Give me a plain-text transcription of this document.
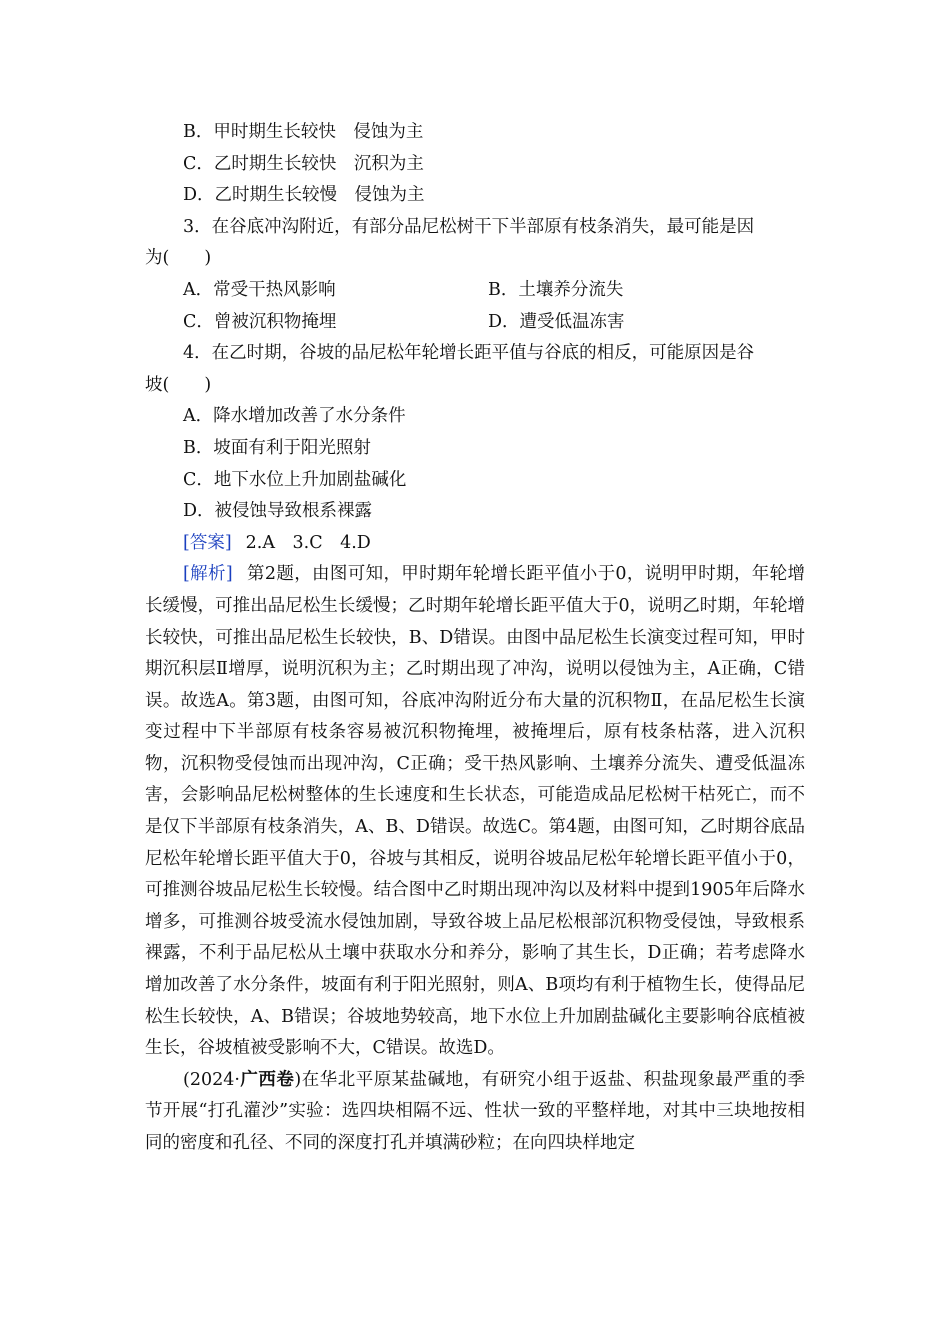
B．甲时期生长较快　侵蚀为主

C．乙时期生长较快　沉积为主

D．乙时期生长较慢　侵蚀为主

3．在谷底冲沟附近，有部分品尼松树干下半部原有枝条消失，最可能是因

为(　　)

A．常受干热风影响	B．土壤养分流失
C．曾被沉积物掩埋	D．遭受低温冻害

4．在乙时期，谷坡的品尼松年轮增长距平值与谷底的相反，可能原因是谷

坡(　　)

A．降水增加改善了水分条件

B．坡面有利于阳光照射

C．地下水位上升加剧盐碱化

D．被侵蚀导致根系裸露

[答案] 2.A　3.C　4.D

[解析] 第2题，由图可知，甲时期年轮增长距平值小于0，说明甲时期，年轮增长缓慢，可推出品尼松生长缓慢；乙时期年轮增长距平值大于0，说明乙时期，年轮增长较快，可推出品尼松生长较快，B、D错误。由图中品尼松生长演变过程可知，甲时期沉积层Ⅱ增厚，说明沉积为主；乙时期出现了冲沟，说明以侵蚀为主，A正确，C错误。故选A。第3题，由图可知，谷底冲沟附近分布大量的沉积物Ⅱ，在品尼松生长演变过程中下半部原有枝条容易被沉积物掩埋，被掩埋后，原有枝条枯落，进入沉积物，沉积物受侵蚀而出现冲沟，C正确；受干热风影响、土壤养分流失、遭受低温冻害，会影响品尼松树整体的生长速度和生长状态，可能造成品尼松树干枯死亡，而不是仅下半部原有枝条消失，A、B、D错误。故选C。第4题，由图可知，乙时期谷底品尼松年轮增长距平值大于0，谷坡与其相反，说明谷坡品尼松年轮增长距平值小于0，可推测谷坡品尼松生长较慢。结合图中乙时期出现冲沟以及材料中提到1905年后降水增多，可推测谷坡受流水侵蚀加剧，导致谷坡上品尼松根部沉积物受侵蚀，导致根系裸露，不利于品尼松从土壤中获取水分和养分，影响了其生长，D正确；若考虑降水增加改善了水分条件，坡面有利于阳光照射，则A、B项均有利于植物生长，使得品尼松生长较快，A、B错误；谷坡地势较高，地下水位上升加剧盐碱化主要影响谷底植被生长，谷坡植被受影响不大，C错误。故选D。

(2024·广西卷)在华北平原某盐碱地，有研究小组于返盐、积盐现象最严重的季节开展“打孔灌沙”实验：选四块相隔不远、性状一致的平整样地，对其中三块地按相同的密度和孔径、不同的深度打孔并填满砂粒；在向四块样地定
